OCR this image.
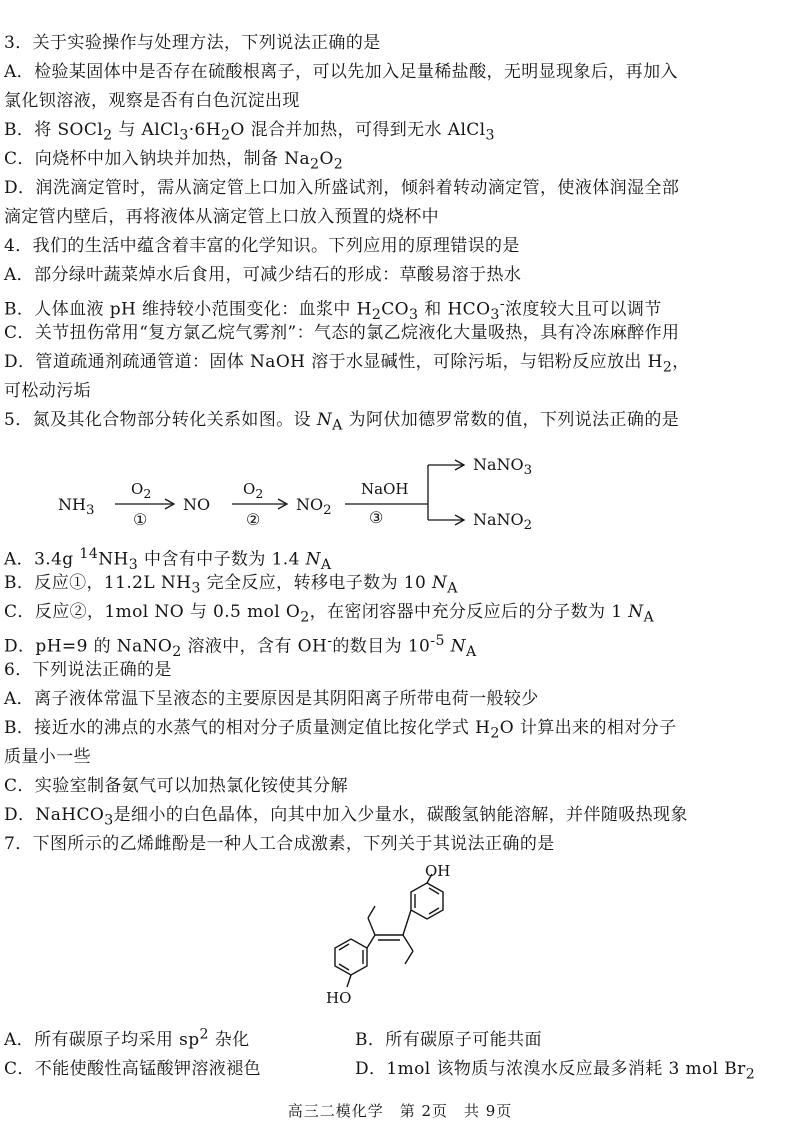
3．关于实验操作与处理方法，下列说法正确的是
A．检验某固体中是否存在硫酸根离子，可以先加入足量稀盐酸，无明显现象后，再加入
氯化钡溶液，观察是否有白色沉淀出现
B．将 SOCl$_2$ 与 $AlCl_3\cdot 6H_2O$ 混合并加热，可得到无水 AlCl$_3$
C．向烧杯中加入钠块并加热，制备 $Na_2O_2$
D．润洗滴定管时，需从滴定管上口加入所盛试剂，倾斜着转动滴定管，使液体润湿全部
滴定管内壁后，再将液体从滴定管上口放入预置的烧杯中
4．我们的生活中蕴含着丰富的化学知识。下列应用的原理错误的是
A．部分绿叶蔬菜焯水后食用，可减少结石的形成：草酸易溶于热水
B．人体血液 pH 维持较小范围变化：血浆中 $H_2CO_3$ 和 $HCO_3^-$浓度较大且可以调节
C．关节扭伤常用“复方氯乙烷气雾剂”：气态的氯乙烷液化大量吸热，具有冷冻麻醉作用
D．管道疏通剂疏通管道：固体 NaOH 溶于水显碱性，可除污垢，与铝粉反应放出 $H_2$，
可松动污垢
5．氮及其化合物部分转化关系如图。设 $N_A$ 为阿伏加德罗常数的值，下列说法正确的是
$NH_3$	NO	$NO_2$
NaNO$_3$
NaNO$_2$
$O_2$	$O_2$	NaOH
①	②	③
A．3.4g $^{14}NH_3$ 中含有中子数为 1.4 $N_A$
B．反应①，11.2L $NH_3$ 完全反应，转移电子数为 10 $N_A$
C．反应②，1mol NO 与 0.5 mol $O_2$，在密闭容器中充分反应后的分子数为 1 $N_A$
D．pH=9 的 NaNO$_2$ 溶液中，含有 OH-的数目为 $10^{-5}$ $N_A$
6．下列说法正确的是
A．离子液体常温下呈液态的主要原因是其阴阳离子所带电荷一般较少
B．接近水的沸点的水蒸气的相对分子质量测定值比按化学式 $H_2O$ 计算出来的相对分子
质量小一些
C．实验室制备氨气可以加热氯化铵使其分解
D．NaHCO$_3$是细小的白色晶体，向其中加入少量水，碳酸氢钠能溶解，并伴随吸热现象
7．下图所示的乙烯雌酚是一种人工合成激素，下列关于其说法正确的是
OH
HO
A．所有碳原子均采用 $sp^2$ 杂化	B．所有碳原子可能共面
C．不能使酸性高锰酸钾溶液褪色	D．1mol 该物质与浓溴水反应最多消耗 3 mol $Br_2$
高三二模化学　第 2页　共 9页
